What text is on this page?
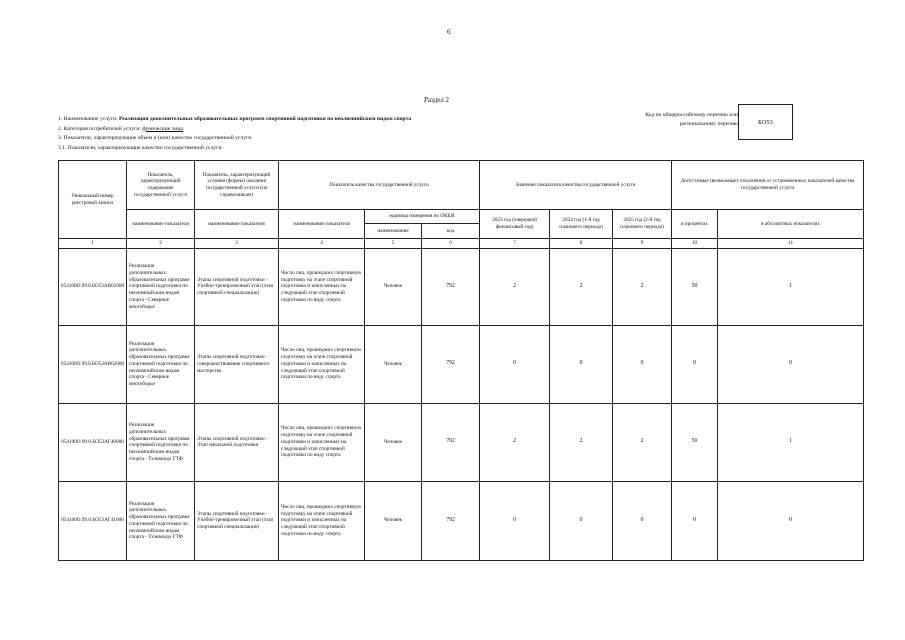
6
Раздел 2
1. Наименование услуги: Реализация дополнительных образовательных программ спортивной подготовки по неолимпийским видам спорта
2. Категория потребителей услуги: физические лица
3. Показатели, характеризующие объем и (или) качество государственной услуги
3.1. Показатели, характеризующие качество государственной услуги:
Код по общероссийскому перечню или региональному перечню	БО53
Уникальный номер реестровой записи	Показатель, характеризующий содержание государственной услуги	Показатель, характеризующий условия (формы) оказания государственной услуги (по справочникам)	Показатель качества государственной услуги			Значение показателя качества государственной услуги			Допустимые (возможные) отклонения от установленных показателей качества государственной услуги	
	наименование показателя	наименование показателя	наименование показателя	единица измерения по ОКЕИ		2023 год (очередной финансовый год)	2024 год (1-й год планового периода)	2025 год (2-й год планового периода)	в процентах	в абсолютных показателях
				наименование	код					
1	2	3	4	5	6	7	8	9	10	11
854100О.99.0.БО53АВ61000	Реализация дополнительных образовательных программ спортивной подготовки по неолимпийским видам спорта - Северное многоборье	Этапы спортивной подготовки - Учебно-тренировочный этап (этап спортивной специализации)	Число лиц, прошедших спортивную подготовку на этапе спортивной подготовки и зачисленных на следующий этап спортивной подготовки по виду спорта	Человек	792	2	2	2	50	1
854100О.99.0.БО53АВ62000	Реализация дополнительных образовательных программ спортивной подготовки по неолимпийским видам спорта - Северное многоборье	Этапы спортивной подготовки - совершенствования спортивного мастерства	Число лиц, прошедших спортивную подготовку на этапе спортивной подготовки и зачисленных на следующий этап спортивной подготовки по виду спорта	Человек	792	0	0	0	0	0
854100О.99.0.БО53АГ40000	Реализация дополнительных образовательных программ спортивной подготовки по неолимпийским видам спорта - Тхэквондо ГТФ	Этапы спортивной подготовки - Этап начальной подготовки	Число лиц, прошедших спортивную подготовку на этапе спортивной подготовки и зачисленных на следующий этап спортивной подготовки по виду спорта	Человек	792	2	2	2	50	1
854100О.99.0.БО53АГ41000	Реализация дополнительных образовательных программ спортивной подготовки по неолимпийским видам спорта - Тхэквондо ГТФ	Этапы спортивной подготовки - Учебно-тренировочный этап (этап спортивной специализации)	Число лиц, прошедших спортивную подготовку на этапе спортивной подготовки и зачисленных на следующий этап спортивной подготовки по виду спорта	Человек	792	0	0	0	0	0
